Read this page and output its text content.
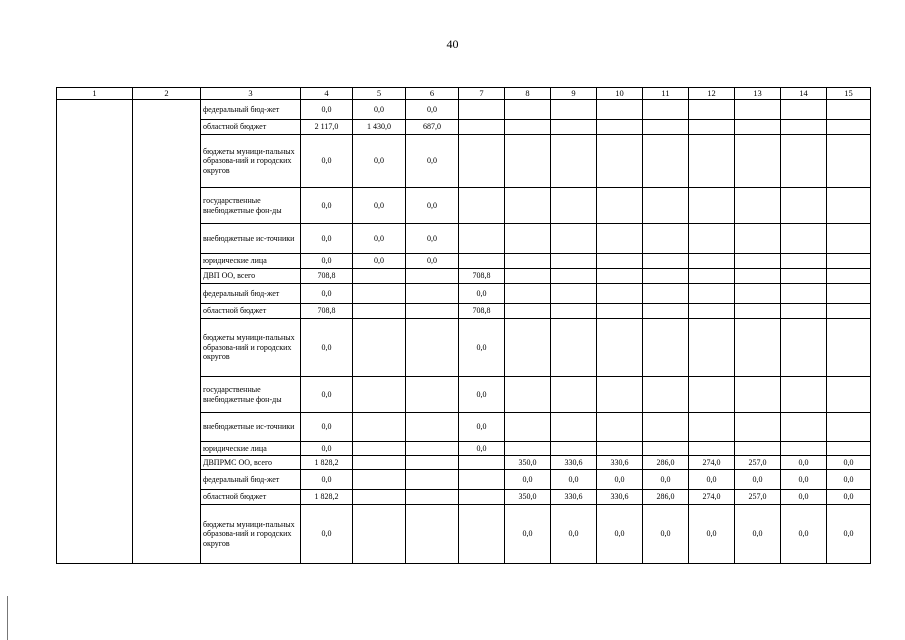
40
1	2	3	4	5	6	7	8	9	10	11	12	13	14	15
		федеральный бюд-жет	0,0	0,0	0,0									
		областной бюджет	2 117,0	1 430,0	687,0									
		бюджеты муници-пальных образова-ний и городских округов	0,0	0,0	0,0									
		государственные внебюджетные фон-ды	0,0	0,0	0,0									
		внебюджетные ис-точники	0,0	0,0	0,0									
		юридические лица	0,0	0,0	0,0									
		ДВП ОО, всего	708,8			708,8								
		федеральный бюд-жет	0,0			0,0								
		областной бюджет	708,8			708,8								
		бюджеты муници-пальных образова-ний и городских округов	0,0			0,0								
		государственные внебюджетные фон-ды	0,0			0,0								
		внебюджетные ис-точники	0,0			0,0								
		юридические лица	0,0			0,0								
		ДВПРМС ОО, всего	1 828,2				350,0	330,6	330,6	286,0	274,0	257,0	0,0	0,0
		федеральный бюд-жет	0,0				0,0	0,0	0,0	0,0	0,0	0,0	0,0	0,0
		областной бюджет	1 828,2				350,0	330,6	330,6	286,0	274,0	257,0	0,0	0,0
		бюджеты муници-пальных образова-ний и городских округов	0,0				0,0	0,0	0,0	0,0	0,0	0,0	0,0	0,0
